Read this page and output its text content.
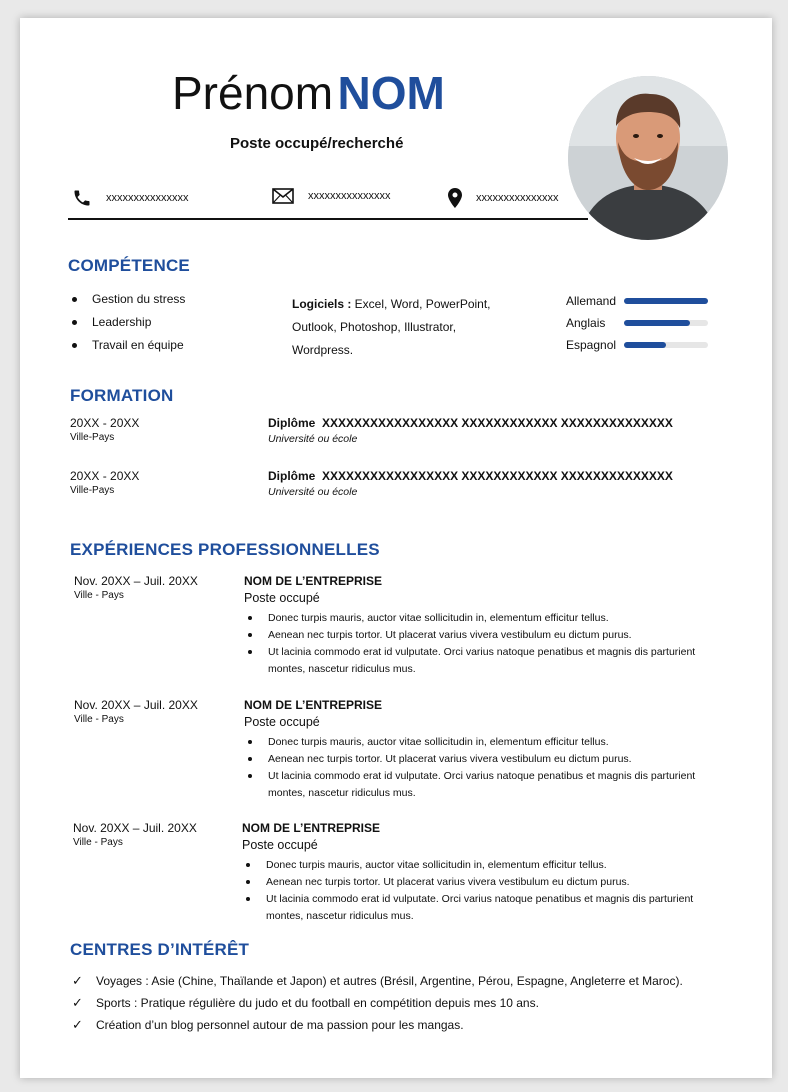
Prénom NOM
Poste occupé/recherché
xxxxxxxxxxxxxxx	xxxxxxxxxxxxxxx	xxxxxxxxxxxxxxx
COMPÉTENCE
Gestion du stress
Leadership
Travail en équipe
Logiciels : Excel, Word, PowerPoint,
Outlook, Photoshop, Illustrator,
Wordpress.
Allemand
Anglais
Espagnol
FORMATION
20XX - 20XX
Ville-Pays
Diplôme XXXXXXXXXXXXXXXXX XXXXXXXXXXXX XXXXXXXXXXXXXX
Université ou école
20XX - 20XX
Ville-Pays
Diplôme XXXXXXXXXXXXXXXXX XXXXXXXXXXXX XXXXXXXXXXXXXX
Université ou école
EXPÉRIENCES PROFESSIONNELLES
Nov. 20XX – Juil. 20XX
Ville - Pays
NOM DE L’ENTREPRISE
Poste occupé
Donec turpis mauris, auctor vitae sollicitudin in, elementum efficitur tellus.
Aenean nec turpis tortor. Ut placerat varius vivera vestibulum eu dictum purus.
Ut lacinia commodo erat id vulputate. Orci varius natoque penatibus et magnis dis parturient montes, nascetur ridiculus mus.
Nov. 20XX – Juil. 20XX
Ville - Pays
NOM DE L’ENTREPRISE
Poste occupé
Donec turpis mauris, auctor vitae sollicitudin in, elementum efficitur tellus.
Aenean nec turpis tortor. Ut placerat varius vivera vestibulum eu dictum purus.
Ut lacinia commodo erat id vulputate. Orci varius natoque penatibus et magnis dis parturient montes, nascetur ridiculus mus.
Nov. 20XX – Juil. 20XX
Ville - Pays
NOM DE L’ENTREPRISE
Poste occupé
Donec turpis mauris, auctor vitae sollicitudin in, elementum efficitur tellus.
Aenean nec turpis tortor. Ut placerat varius vivera vestibulum eu dictum purus.
Ut lacinia commodo erat id vulputate. Orci varius natoque penatibus et magnis dis parturient montes, nascetur ridiculus mus.
CENTRES D’INTÉRÊT
✓ Voyages : Asie (Chine, Thaïlande et Japon) et autres (Brésil, Argentine, Pérou, Espagne, Angleterre et Maroc).
✓ Sports : Pratique régulière du judo et du football en compétition depuis mes 10 ans.
✓ Création d’un blog personnel autour de ma passion pour les mangas.
